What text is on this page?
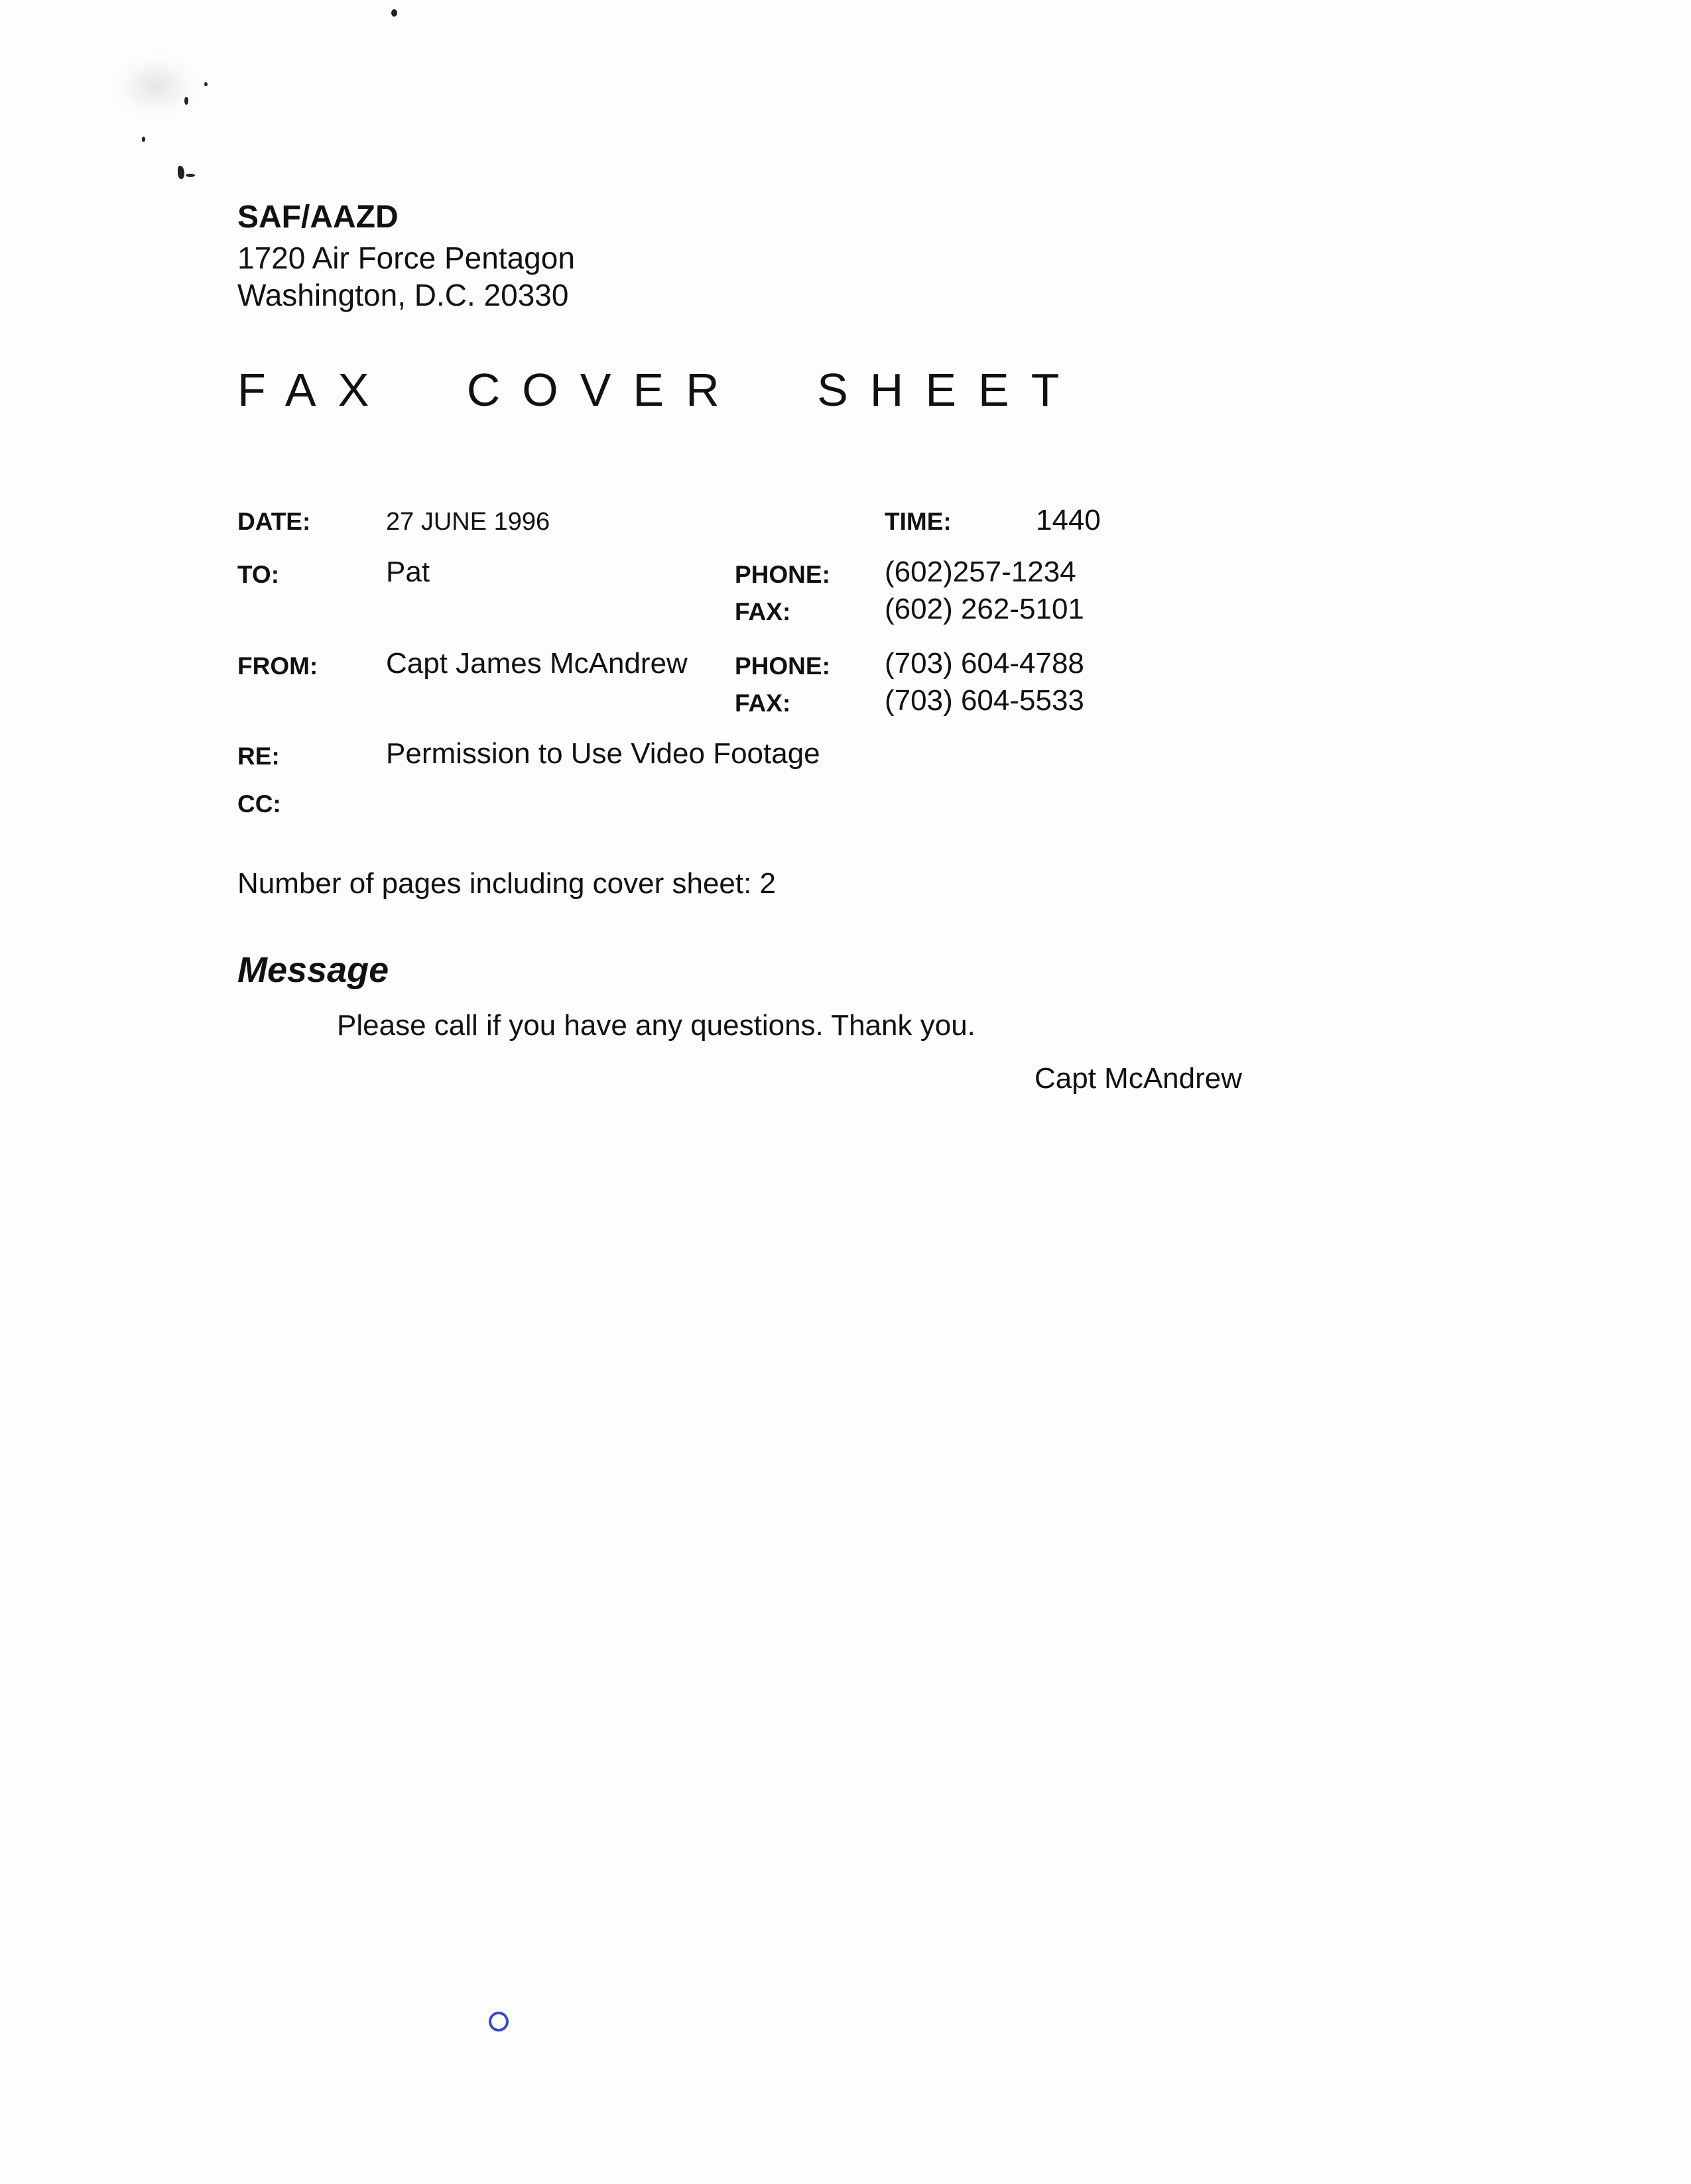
SAF/AAZD
1720 Air Force Pentagon
Washington, D.C. 20330
FAX COVER SHEET
DATE:	27 JUNE 1996	TIME:	1440
TO:	Pat	PHONE: (602)257-1234
FAX:	(602) 262-5101
FROM: Capt James McAndrew PHONE: (703) 604-4788
FAX:	(703) 604-5533
RE:	Permission to Use Video Footage
CC:
Number of pages including cover sheet: 2
Message
Please call if you have any questions. Thank you.
Capt McAndrew
